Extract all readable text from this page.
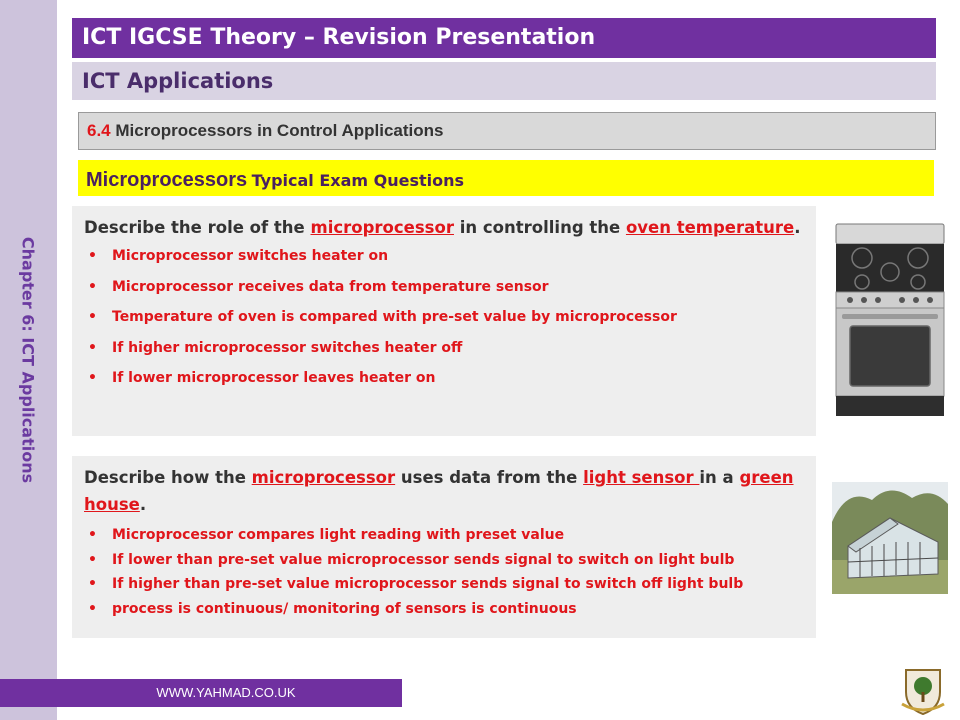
Chapter 6: ICT Applications
ICT IGCSE Theory – Revision Presentation
ICT Applications
6.4 Microprocessors in Control Applications
Microprocessors Typical Exam Questions

Describe the role of the microprocessor in controlling the oven temperature.

• Microprocessor switches heater on
• Microprocessor receives data from temperature sensor
• Temperature of oven is compared with pre-set value by microprocessor
• If higher microprocessor switches heater off
• If lower microprocessor leaves heater on

Describe how the microprocessor uses data from the light sensor in a green house.

• Microprocessor compares light reading with preset value
• If lower than pre-set value microprocessor sends signal to switch on light bulb
• If higher than pre-set value microprocessor sends signal to switch off light bulb
• process is continuous/ monitoring of sensors is continuous
WWW.YAHMAD.CO.UK
